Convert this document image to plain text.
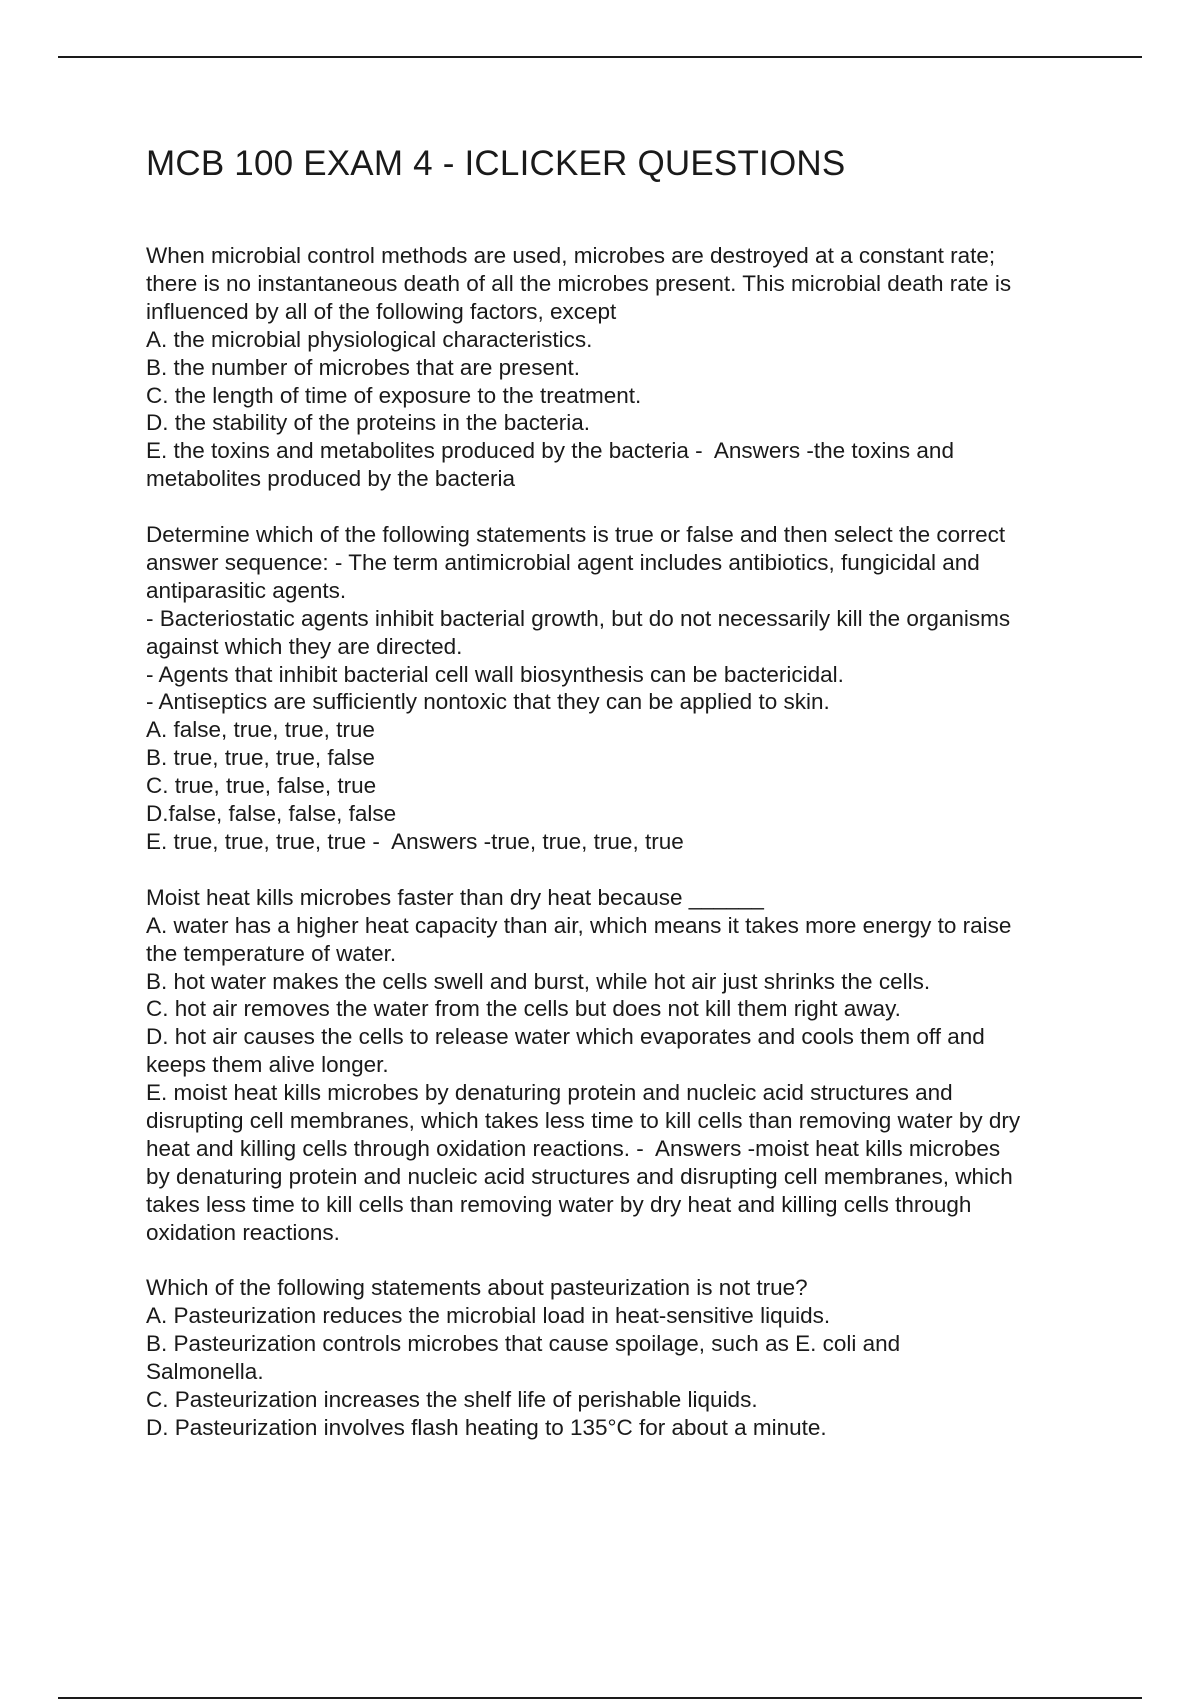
MCB 100 EXAM 4 - ICLICKER QUESTIONS
When microbial control methods are used, microbes are destroyed at a constant rate;
there is no instantaneous death of all the microbes present. This microbial death rate is
influenced by all of the following factors, except
A. the microbial physiological characteristics.
B. the number of microbes that are present.
C. the length of time of exposure to the treatment.
D. the stability of the proteins in the bacteria.
E. the toxins and metabolites produced by the bacteria -  Answers -the toxins and
metabolites produced by the bacteria
Determine which of the following statements is true or false and then select the correct
answer sequence: - The term antimicrobial agent includes antibiotics, fungicidal and
antiparasitic agents.
- Bacteriostatic agents inhibit bacterial growth, but do not necessarily kill the organisms
against which they are directed.
- Agents that inhibit bacterial cell wall biosynthesis can be bactericidal.
- Antiseptics are sufficiently nontoxic that they can be applied to skin.
A. false, true, true, true
B. true, true, true, false
C. true, true, false, true
D.false, false, false, false
E. true, true, true, true -  Answers -true, true, true, true
Moist heat kills microbes faster than dry heat because ______
A. water has a higher heat capacity than air, which means it takes more energy to raise
the temperature of water.
B. hot water makes the cells swell and burst, while hot air just shrinks the cells.
C. hot air removes the water from the cells but does not kill them right away.
D. hot air causes the cells to release water which evaporates and cools them off and
keeps them alive longer.
E. moist heat kills microbes by denaturing protein and nucleic acid structures and
disrupting cell membranes, which takes less time to kill cells than removing water by dry
heat and killing cells through oxidation reactions. -  Answers -moist heat kills microbes
by denaturing protein and nucleic acid structures and disrupting cell membranes, which
takes less time to kill cells than removing water by dry heat and killing cells through
oxidation reactions.
Which of the following statements about pasteurization is not true?
A. Pasteurization reduces the microbial load in heat-sensitive liquids.
B. Pasteurization controls microbes that cause spoilage, such as E. coli and
Salmonella.
C. Pasteurization increases the shelf life of perishable liquids.
D. Pasteurization involves flash heating to 135°C for about a minute.
